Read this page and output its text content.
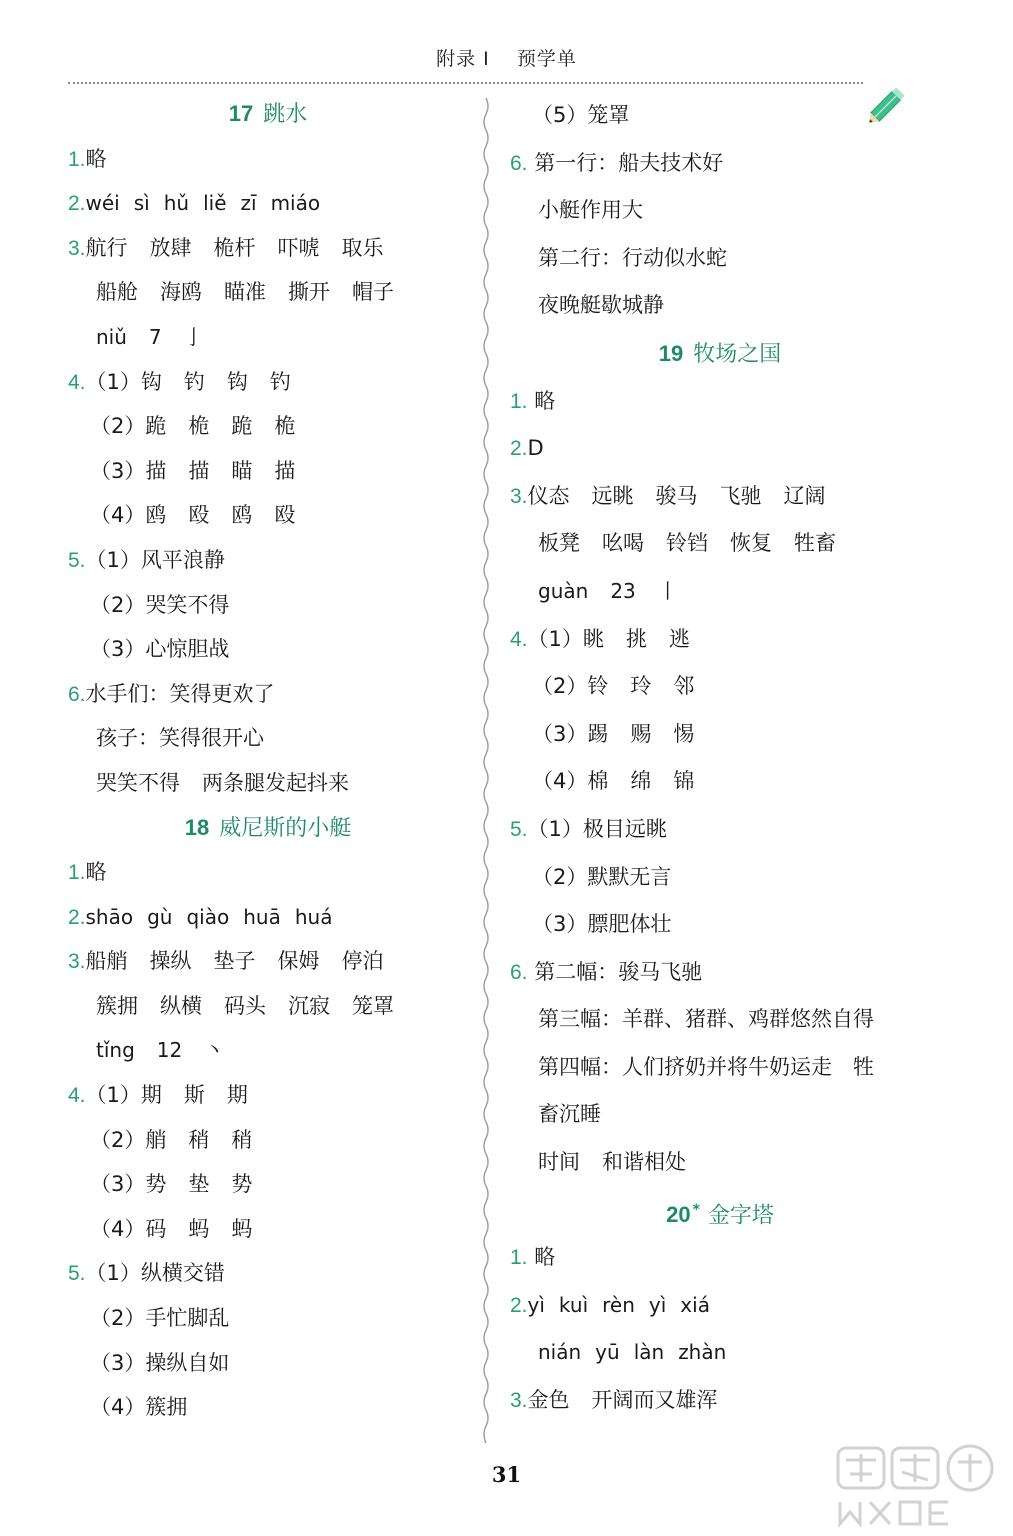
附录 I 预学单
17 跳水
1.略
2.wéi sì hǔ liě zī miáo
3.航行 放肆 桅杆 吓唬 取乐
船舱 海鸥 瞄准 撕开 帽子
niǔ 7 亅
4.（1）钩 钓 钩 钓
（2）跪 桅 跪 桅
（3）描 描 瞄 描
（4）鸥 殴 鸥 殴
5.（1）风平浪静
（2）哭笑不得
（3）心惊胆战
6.水手们：笑得更欢了
孩子：笑得很开心
哭笑不得 两条腿发起抖来
18 威尼斯的小艇
1.略
2.shāo gù qiào huā huá
3.船艄 操纵 垫子 保姆 停泊
簇拥 纵横 码头 沉寂 笼罩
tǐng 12 丶
4.（1）期 斯 期
（2）艄 稍 稍
（3）势 垫 势
（4）码 蚂 蚂
5.（1）纵横交错
（2）手忙脚乱
（3）操纵自如
（4）簇拥
（5）笼罩
6. 第一行：船夫技术好
小艇作用大
第二行：行动似水蛇
夜晚艇歇城静
19 牧场之国
1. 略
2.D
3.仪态 远眺 骏马 飞驰 辽阔
板凳 吆喝 铃铛 恢复 牲畜
guàn 23 丨
4.（1）眺 挑 逃
（2）铃 玲 邻
（3）踢 赐 惕
（4）棉 绵 锦
5.（1）极目远眺
（2）默默无言
（3）膘肥体壮
6. 第二幅：骏马飞驰
第三幅：羊群、猪群、鸡群悠然自得
第四幅：人们挤奶并将牛奶运走　牲
畜沉睡
时间 和谐相处
20 * 金字塔
1. 略
2.yì kuì rèn yì xiá
nián yū làn zhàn
3.金色 开阔而又雄浑
31
